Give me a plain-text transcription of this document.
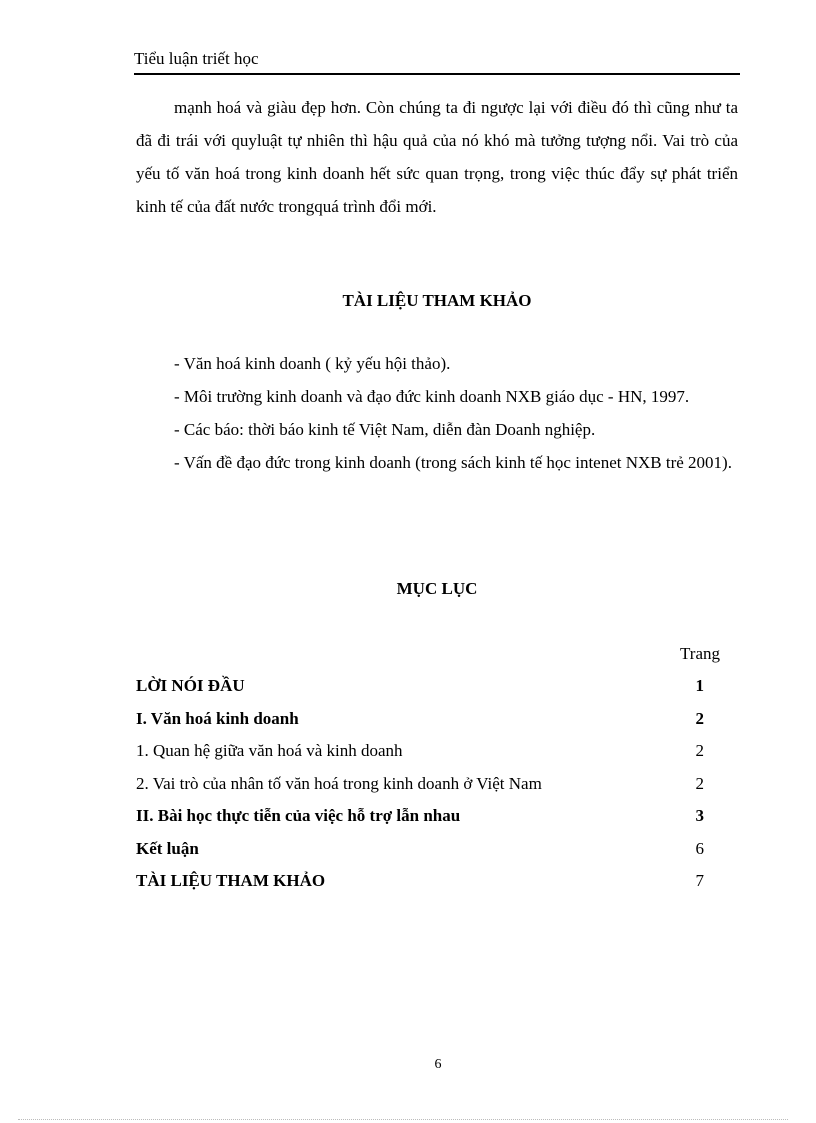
Tiểu luận triết học

mạnh hoá và giàu đẹp hơn. Còn chúng ta đi ngược lại với điều đó thì cũng như ta đã đi trái với quyluật tự nhiên thì hậu quả của nó khó mà tưởng tượng nổi. Vai trò của yếu tố văn hoá trong kinh doanh hết sức quan trọng, trong việc thúc đẩy sự phát triển kinh tế của đất nước trongquá trình đổi mới.

TÀI LIỆU THAM KHẢO
- Văn hoá kinh doanh ( kỷ yếu hội thảo).
- Môi trường kinh doanh và đạo đức kinh doanh NXB giáo dục - HN, 1997.
- Các báo: thời báo kinh tế Việt Nam, diễn đàn Doanh nghiệp.
- Vấn đề đạo đức trong kinh doanh (trong sách kinh tế học intenet NXB trẻ 2001).
MỤC LỤC
Trang
LỜI NÓI ĐẦU	1
I. Văn hoá kinh doanh	2
1. Quan hệ giữa văn hoá và kinh doanh	2
2. Vai trò của nhân tố văn hoá trong kinh doanh ở Việt Nam	2
II. Bài học thực tiễn của việc hỗ trợ lẫn nhau	3
Kết luận	6
TÀI LIỆU THAM KHẢO	7
6
